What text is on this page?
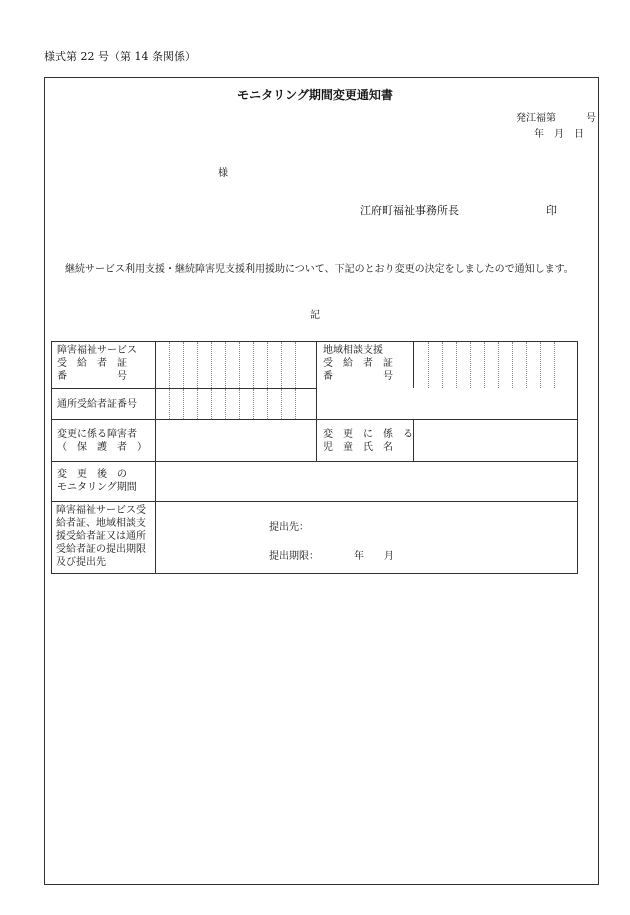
様式第 22 号（第 14 条関係）
モニタリング期間変更通知書
発江福第　　　号
年　月　日
様
江府町福祉事務所長	印
継続サービス利用支援・継続障害児支援利用援助について、下記のとおり変更の決定をしましたので通知します。
記
障害福祉サービス
受　給　者　証
番　　　　　号
地域相談支援
受　給　者　証
番　　　　　号
通所受給者証番号
変更に係る障害者
（　保　護　者　）
変　更　に　係　る
児　童　氏　名
変　更　後　の
モニタリング期間
障害福祉サービス受給者証、地域相談支援受給者証又は通所受給者証の提出期限及び提出先
提出先：
提出期限：　　　　年　　月
